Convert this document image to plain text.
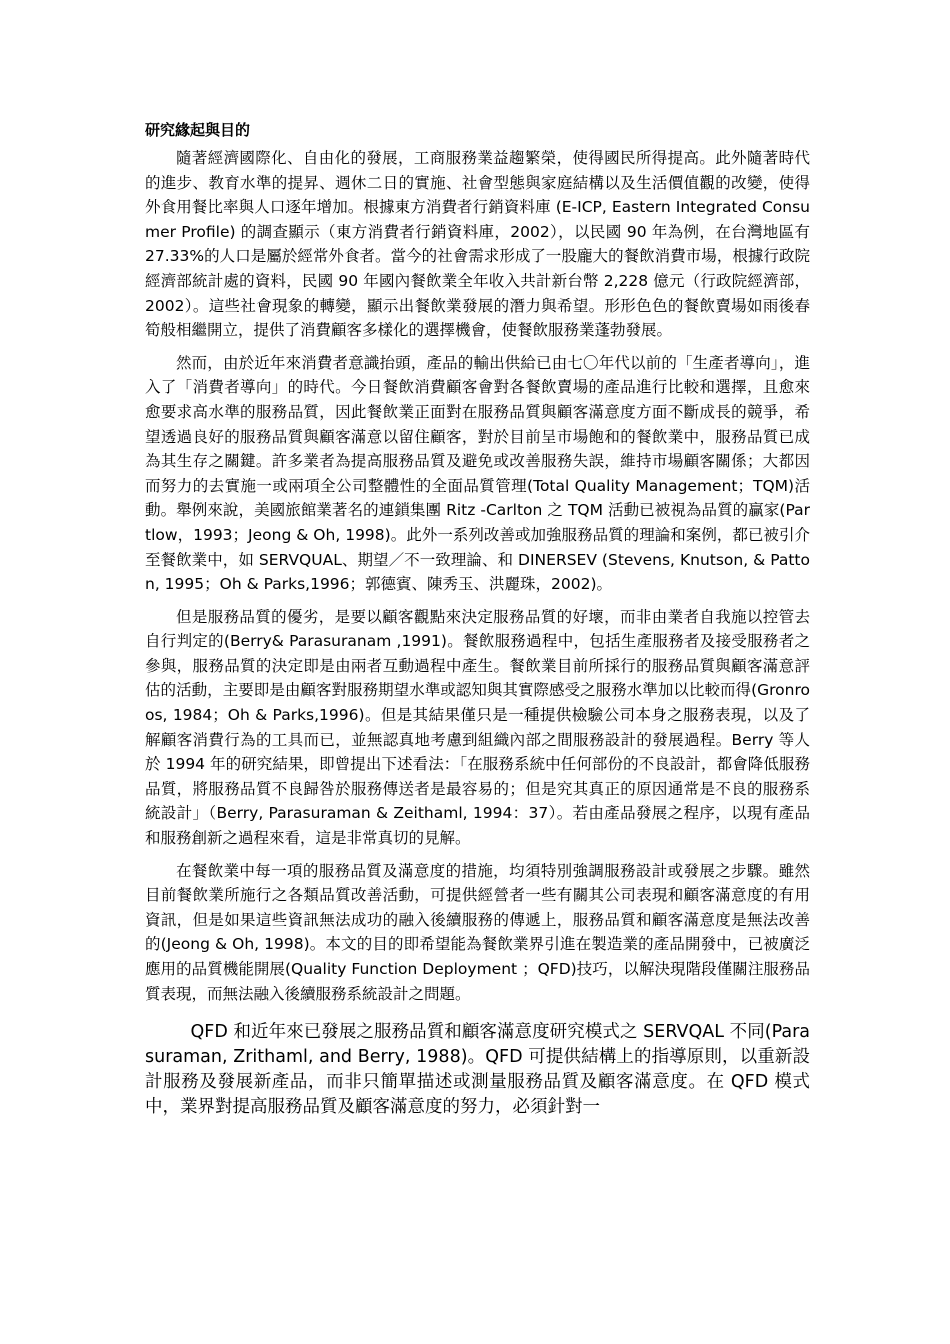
研究緣起與目的

隨著經濟國際化、自由化的發展，工商服務業益趨繁榮，使得國民所得提高。此外隨著時代的進步、教育水準的提昇、週休二日的實施、社會型態與家庭結構以及生活價值觀的改變，使得外食用餐比率與人口逐年增加。根據東方消費者行銷資料庫 (E-ICP, Eastern Integrated Consumer Profile) 的調查顯示（東方消費者行銷資料庫，2002），以民國 90 年為例，在台灣地區有 27.33%的人口是屬於經常外食者。當今的社會需求形成了一股龐大的餐飲消費市場，根據行政院經濟部統計處的資料，民國 90 年國內餐飲業全年收入共計新台幣 2,228 億元（行政院經濟部，2002）。這些社會現象的轉變，顯示出餐飲業發展的潛力與希望。形形色色的餐飲賣場如雨後春筍般相繼開立，提供了消費顧客多樣化的選擇機會，使餐飲服務業蓬勃發展。

然而，由於近年來消費者意識抬頭，產品的輸出供給已由七〇年代以前的「生產者導向」，進入了「消費者導向」的時代。今日餐飲消費顧客會對各餐飲賣場的產品進行比較和選擇，且愈來愈要求高水準的服務品質，因此餐飲業正面對在服務品質與顧客滿意度方面不斷成長的競爭，希望透過良好的服務品質與顧客滿意以留住顧客，對於目前呈市場飽和的餐飲業中，服務品質已成為其生存之關鍵。許多業者為提高服務品質及避免或改善服務失誤，維持市場顧客關係；大都因而努力的去實施一或兩項全公司整體性的全面品質管理(Total Quality Management；TQM)活動。舉例來說，美國旅館業著名的連鎖集團 Ritz -Carlton 之 TQM 活動已被視為品質的贏家(Partlow，1993；Jeong & Oh, 1998)。此外一系列改善或加強服務品質的理論和案例，都已被引介至餐飲業中，如 SERVQUAL、期望／不一致理論、和 DINERSEV (Stevens, Knutson, & Patton, 1995；Oh & Parks,1996；郭德賓、陳秀玉、洪麗珠，2002)。

但是服務品質的優劣，是要以顧客觀點來決定服務品質的好壞，而非由業者自我施以控管去自行判定的(Berry& Parasuranam ,1991)。餐飲服務過程中，包括生產服務者及接受服務者之參與，服務品質的決定即是由兩者互動過程中產生。餐飲業目前所採行的服務品質與顧客滿意評估的活動，主要即是由顧客對服務期望水準或認知與其實際感受之服務水準加以比較而得(Gronroos, 1984；Oh & Parks,1996)。但是其結果僅只是一種提供檢驗公司本身之服務表現，以及了解顧客消費行為的工具而已，並無認真地考慮到組織內部之間服務設計的發展過程。Berry 等人於 1994 年的研究結果，即曾提出下述看法：「在服務系統中任何部份的不良設計，都會降低服務品質，將服務品質不良歸咎於服務傳送者是最容易的；但是究其真正的原因通常是不良的服務系統設計」（Berry, Parasuraman & Zeithaml, 1994：37）。若由產品發展之程序，以現有產品和服務創新之過程來看，這是非常真切的見解。

在餐飲業中每一項的服務品質及滿意度的措施，均須特別強調服務設計或發展之步驟。雖然目前餐飲業所施行之各類品質改善活動，可提供經營者一些有關其公司表現和顧客滿意度的有用資訊，但是如果這些資訊無法成功的融入後續服務的傳遞上，服務品質和顧客滿意度是無法改善的(Jeong & Oh, 1998)。本文的目的即希望能為餐飲業界引進在製造業的產品開發中，已被廣泛應用的品質機能開展(Quality Function Deployment ；QFD)技巧，以解決現階段僅關注服務品質表現，而無法融入後續服務系統設計之問題。

QFD 和近年來已發展之服務品質和顧客滿意度研究模式之 SERVQAL 不同(Parasuraman, Zrithaml, and Berry, 1988)。QFD 可提供結構上的指導原則，以重新設計服務及發展新產品，而非只簡單描述或測量服務品質及顧客滿意度。在 QFD 模式中，業界對提高服務品質及顧客滿意度的努力，必須針對一
